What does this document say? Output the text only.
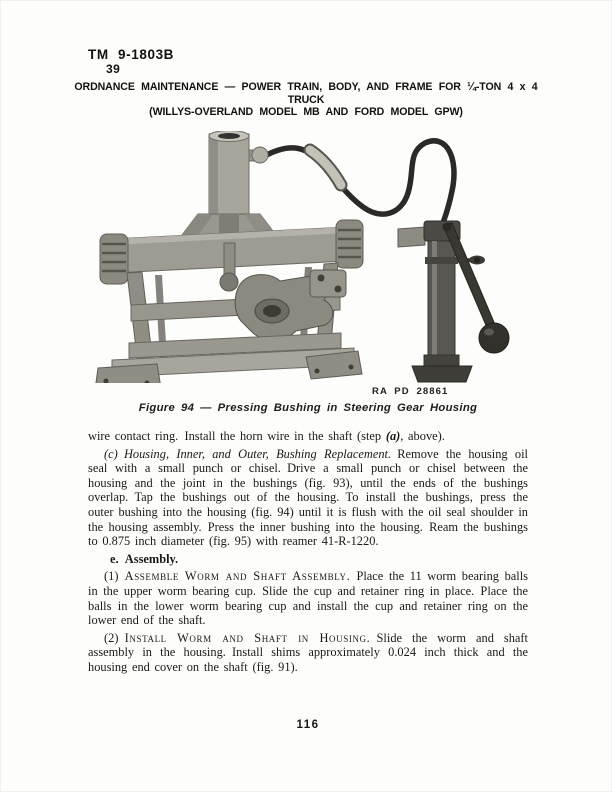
TM 9-1803B
39
ORDNANCE MAINTENANCE — POWER TRAIN, BODY, AND FRAME FOR ¼-TON 4 x 4 TRUCK
(WILLYS-OVERLAND MODEL MB AND FORD MODEL GPW)
RA PD 28861
Figure 94 — Pressing Bushing in Steering Gear Housing

wire contact ring. Install the horn wire in the shaft (step (a), above).

(c) Housing, Inner, and Outer, Bushing Replacement. Remove the housing oil seal with a small punch or chisel. Drive a small punch or chisel between the housing and the joint in the bushings (fig. 93), until the ends of the bushings overlap. Tap the bushings out of the housing. To install the bushings, press the outer bushing into the housing (fig. 94) until it is flush with the oil seal shoulder in the housing assembly. Press the inner bushing into the housing. Ream the bushings to 0.875 inch diameter (fig. 95) with reamer 41-R-1220.

e. Assembly.

(1) Assemble Worm and Shaft Assembly. Place the 11 worm bearing balls in the upper worm bearing cup. Slide the cup and retainer ring in place. Place the balls in the lower worm bearing cup and install the cup and retainer ring on the lower end of the shaft.

(2) Install Worm and Shaft in Housing. Slide the worm and shaft assembly in the housing. Install shims approximately 0.024 inch thick and the housing end cover on the shaft (fig. 91).

116
